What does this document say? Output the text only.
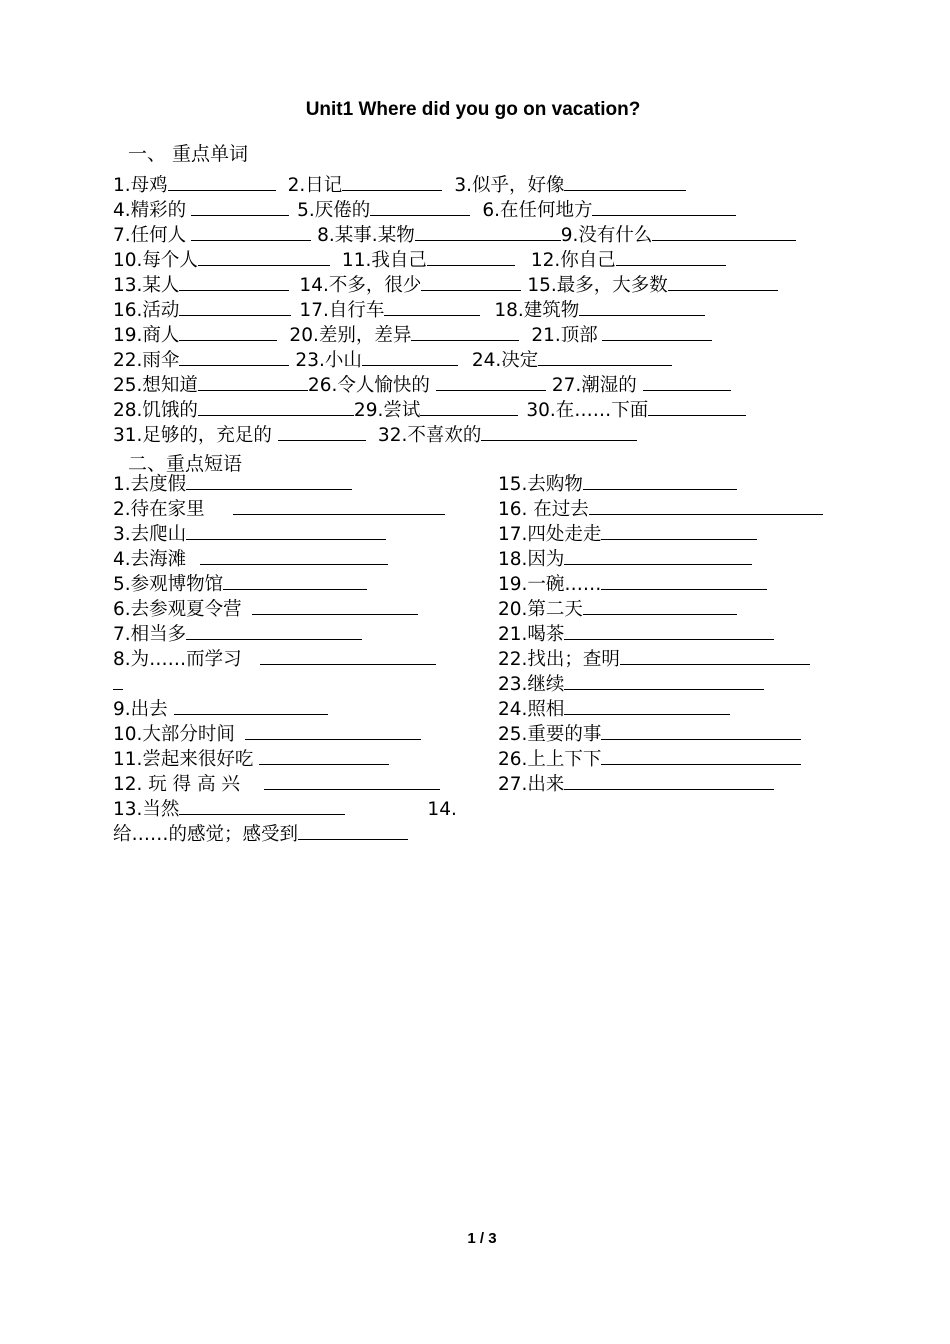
Unit1 Where did you go on vacation?
一、 重点单词
1.母鸡	2.日记	3.似乎，好像
4.精彩的	5.厌倦的	6.在任何地方
7.任何人	8.某事.某物	9.没有什么
10.每个人	11.我自己	12.你自己
13.某人	14.不多，很少	15.最多，大多数
16.活动	17.自行车	18.建筑物
19.商人	20.差别，差异	21.顶部
22.雨伞	23.小山	24.决定
25.想知道	26.令人愉快的	27.潮湿的
28.饥饿的	29.尝试	30.在……下面
31.足够的，充足的	32.不喜欢的
二、重点短语
1.去度假
2.待在家里
3.去爬山
4.去海滩
5.参观博物馆
6.去参观夏令营
7.相当多
8.为……而学习
9.出去
10.大部分时间
11.尝起来很好吃
12. 玩 得 高 兴
13.当然	14.
给……的感觉；感受到
15.去购物
16. 在过去
17.四处走走
18.因为
19.一碗……
20.第二天
21.喝茶
22.找出；查明
23.继续
24.照相
25.重要的事
26.上上下下
27.出来
1 / 3
